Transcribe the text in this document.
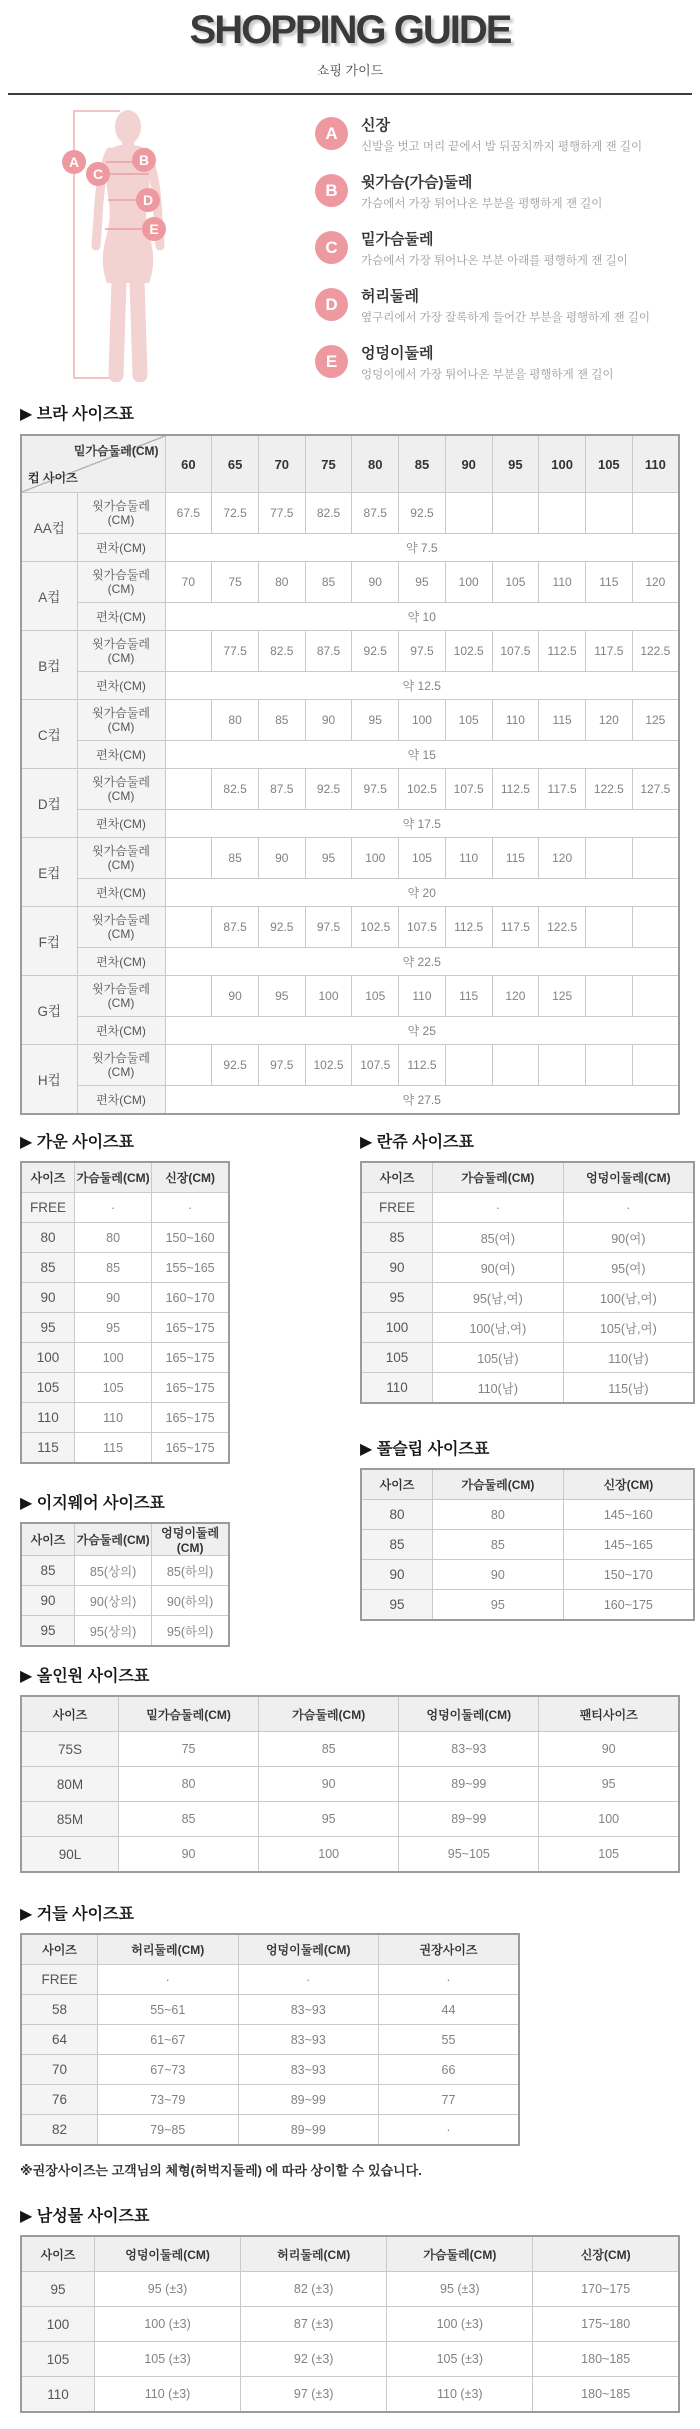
SHOPPING GUIDE
쇼핑 가이드
A	B
C
D
E
A	신장
신발을 벗고 머리 끝에서 발 뒤꿈치까지 평행하게 잰 길이
B	윗가슴(가슴)둘레
가슴에서 가장 튀어나온 부분을 평행하게 잰 길이
C	밑가슴둘레
가슴에서 가장 튀어나온 부분 아래를 평행하게 잰 길이
D	허리둘레
옆구리에서 가장 잘록하게 들어간 부분을 평행하게 잰 길이
E	엉덩이둘레
엉덩이에서 가장 튀어나온 부분을 평행하게 잰 길이
▶ 브라 사이즈표
밑가슴둘레(CM)
컵 사이즈		60	65	70	75	80	85	90	95	100	105	110
AA컵	윗가슴둘레 (CM)	67.5	72.5	77.5	82.5	87.5	92.5					
	편차(CM)	약 7.5										
A컵	윗가슴둘레 (CM)	70	75	80	85	90	95	100	105	110	115	120
	편차(CM)	약 10										
B컵	윗가슴둘레 (CM)		77.5	82.5	87.5	92.5	97.5	102.5	107.5	112.5	117.5	122.5
	편차(CM)	약 12.5										
C컵	윗가슴둘레 (CM)		80	85	90	95	100	105	110	115	120	125
	편차(CM)	약 15										
D컵	윗가슴둘레 (CM)		82.5	87.5	92.5	97.5	102.5	107.5	112.5	117.5	122.5	127.5
	편차(CM)	약 17.5										
E컵	윗가슴둘레 (CM)		85	90	95	100	105	110	115	120		
	편차(CM)	약 20										
F컵	윗가슴둘레 (CM)		87.5	92.5	97.5	102.5	107.5	112.5	117.5	122.5		
	편차(CM)	약 22.5										
G컵	윗가슴둘레 (CM)		90	95	100	105	110	115	120	125		
	편차(CM)	약 25										
H컵	윗가슴둘레 (CM)		92.5	97.5	102.5	107.5	112.5					
	편차(CM)	약 27.5										
▶ 가운 사이즈표
사이즈	가슴둘레(CM)	신장(CM)
FREE	·	·
80	80	150~160
85	85	155~165
90	90	160~170
95	95	165~175
100	100	165~175
105	105	165~175
110	110	165~175
115	115	165~175
▶ 이지웨어 사이즈표
사이즈	가슴둘레(CM)	엉덩이둘레(CM)
85	85(상의)	85(하의)
90	90(상의)	90(하의)
95	95(상의)	95(하의)
▶ 란쥬 사이즈표
사이즈	가슴둘레(CM)	엉덩이둘레(CM)
FREE	·	·
85	85(여)	90(여)
90	90(여)	95(여)
95	95(남,여)	100(남,여)
100	100(남,여)	105(남,여)
105	105(남)	110(남)
110	110(남)	115(남)
▶ 풀슬립 사이즈표
사이즈	가슴둘레(CM)	신장(CM)
80	80	145~160
85	85	145~165
90	90	150~170
95	95	160~175
▶ 올인원 사이즈표
사이즈	밑가슴둘레(CM)	가슴둘레(CM)	엉덩이둘레(CM)	팬티사이즈
75S	75	85	83~93	90
80M	80	90	89~99	95
85M	85	95	89~99	100
90L	90	100	95~105	105
▶ 거들 사이즈표
사이즈	허리둘레(CM)	엉덩이둘레(CM)	권장사이즈
FREE	·	·	·
58	55~61	83~93	44
64	61~67	83~93	55
70	67~73	83~93	66
76	73~79	89~99	77
82	79~85	89~99	·
※권장사이즈는 고객님의 체형(허벅지둘레) 에 따라 상이할 수 있습니다.
▶ 남성물 사이즈표
사이즈	엉덩이둘레(CM)	허리둘레(CM)	가슴둘레(CM)	신장(CM)
95	95 (±3)	82 (±3)	95 (±3)	170~175
100	100 (±3)	87 (±3)	100 (±3)	175~180
105	105 (±3)	92 (±3)	105 (±3)	180~185
110	110 (±3)	97 (±3)	110 (±3)	180~185
